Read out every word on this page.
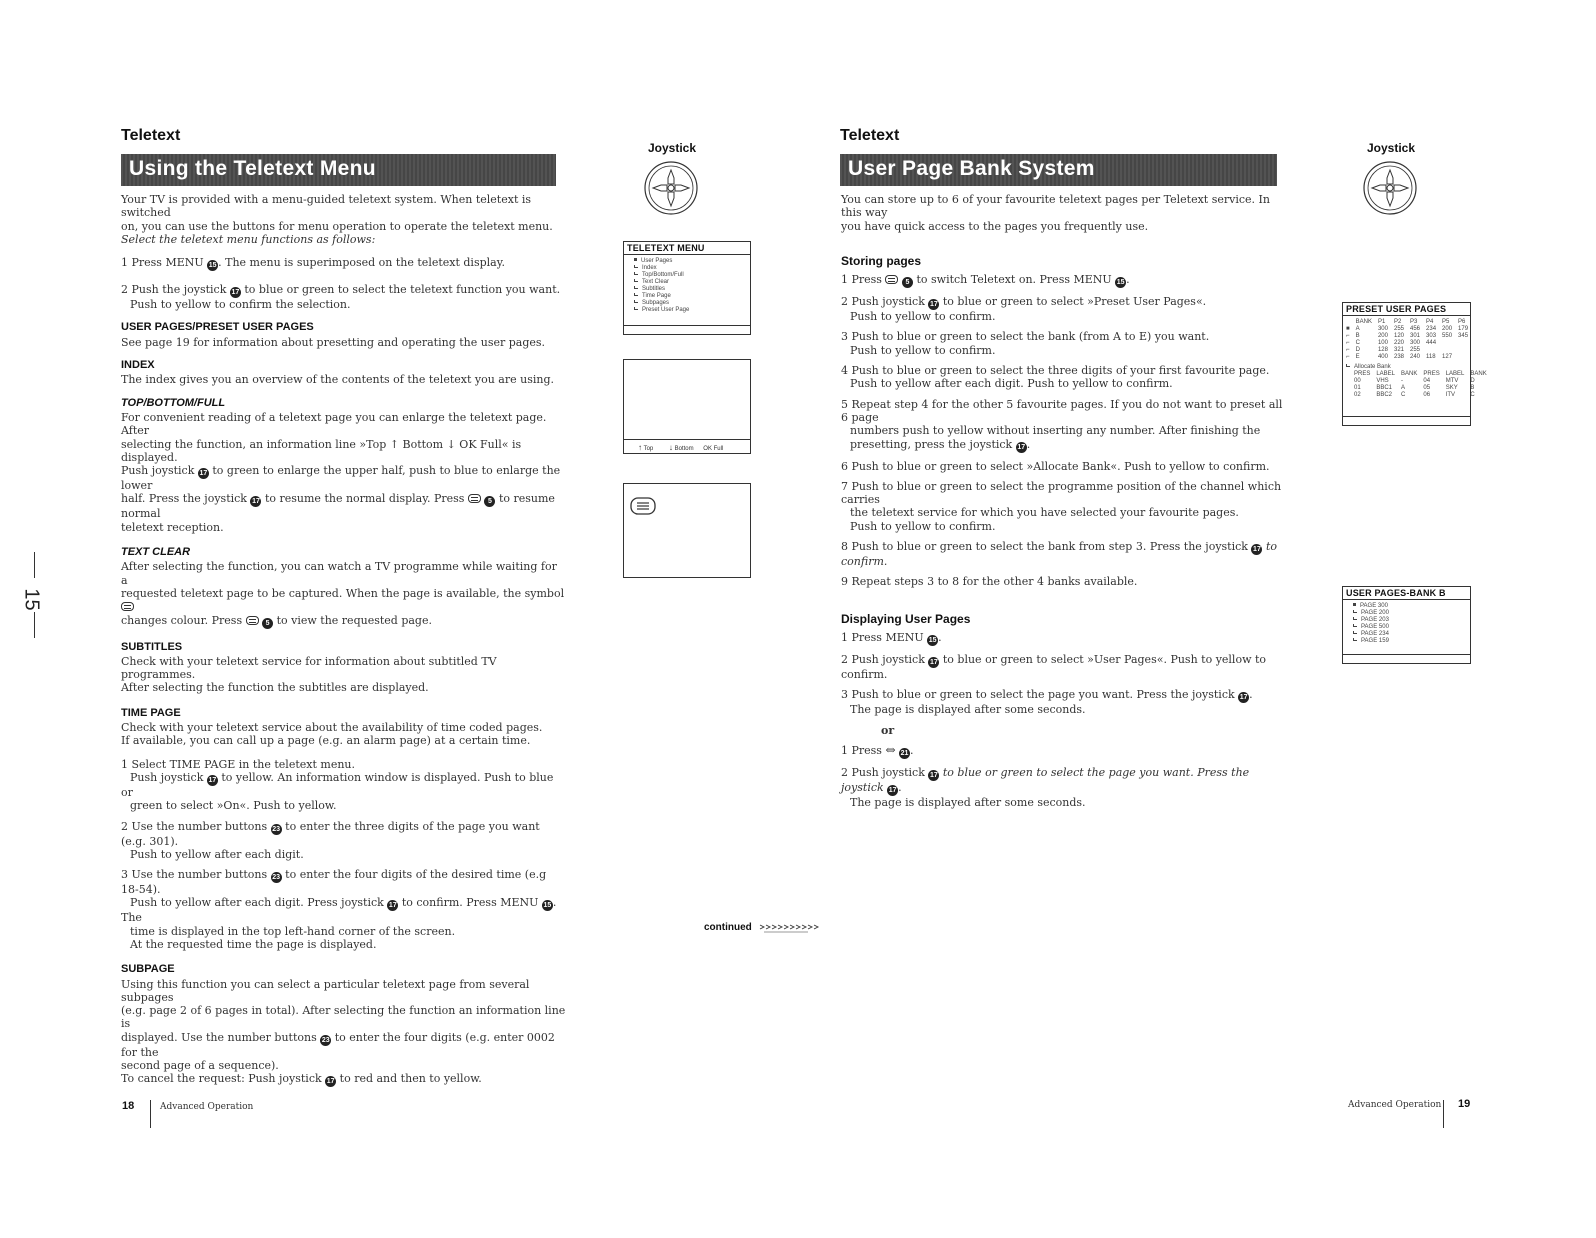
Teletext
Using the Teletext Menu

Your TV is provided with a menu-guided teletext system. When teletext is switched
on, you can use the buttons for menu operation to operate the teletext menu.
Select the teletext menu functions as follows:

1 Press MENU 15 . The menu is superimposed on the teletext display.

2 Push the joystick 17 to blue or green to select the teletext function you want.
Push to yellow to confirm the selection.

USER PAGES/PRESET USER PAGES
See page 19 for information about presetting and operating the user pages.
INDEX
The index gives you an overview of the contents of the teletext you are using.
TOP/BOTTOM/FULL
For convenient reading of a teletext page you can enlarge the teletext page. After
selecting the function, an information line »Top ↑ Bottom ↓ OK Full« is displayed.
Push joystick 17 to green to enlarge the upper half, push to blue to enlarge the lower
half. Press the joystick 17 to resume the normal display. Press	5 to resume normal
teletext reception.
TEXT CLEAR
After selecting the function, you can watch a TV programme while waiting for a
requested teletext page to be captured. When the page is available, the symbol
changes colour. Press	5 to view the requested page.
SUBTITLES
Check with your teletext service for information about subtitled TV programmes.
After selecting the function the subtitles are displayed.
TIME PAGE
Check with your teletext service about the availability of time coded pages.
If available, you can call up a page (e.g. an alarm page) at a certain time.

1 Select TIME PAGE in the teletext menu.
Push joystick 17 to yellow. An information window is displayed. Push to blue or
green to select »On«. Push to yellow.

2 Use the number buttons 23 to enter the three digits of the page you want (e.g. 301).
Push to yellow after each digit.

3 Use the number buttons 23 to enter the four digits of the desired time (e.g 18-54).
Push to yellow after each digit. Press joystick 17 to confirm. Press MENU 15 . The
time is displayed in the top left-hand corner of the screen.
At the requested time the page is displayed.

SUBPAGE
Using this function you can select a particular teletext page from several subpages
(e.g. page 2 of 6 pages in total). After selecting the function an information line is
displayed. Use the number buttons 23 to enter the four digits (e.g. enter 0002 for the
second page of a sequence).
To cancel the request: Push joystick 17 to red and then to yellow.
Joystick
TELETEXT MENU
User Pages
Index
Top/Bottom/Full
Text Clear
Subtitles
Time Page
Subpages
Preset User Page
↑ Top ↓ Bottom OK Full
15
continued
Teletext
User Page Bank System
Joystick

You can store up to 6 of your favourite teletext pages per Teletext service. In this way
you have quick access to the pages you frequently use.

Storing pages

1 Press	5 to switch Teletext on. Press MENU 15 .

2 Push joystick 17 to blue or green to select »Preset User Pages«.
Push to yellow to confirm.

3 Push to blue or green to select the bank (from A to E) you want.
Push to yellow to confirm.

4 Push to blue or green to select the three digits of your first favourite page.
Push to yellow after each digit. Push to yellow to confirm.

5 Repeat step 4 for the other 5 favourite pages. If you do not want to preset all 6 page
numbers push to yellow without inserting any number. After finishing the
presetting, press the joystick 17 .

6 Push to blue or green to select »Allocate Bank«. Push to yellow to confirm.

7 Push to blue or green to select the programme position of the channel which carries
the teletext service for which you have selected your favourite pages.
Push to yellow to confirm.

8 Push to blue or green to select the bank from step 3. Press the joystick 17 to confirm.

9 Repeat steps 3 to 8 for the other 4 banks available.

Displaying User Pages

1 Press MENU 15 .

2 Push joystick 17 to blue or green to select »User Pages«. Push to yellow to confirm.

3 Push to blue or green to select the page you want. Press the joystick 17 .
The page is displayed after some seconds.

or

1 Press ⇔ 21 .

2 Push joystick 17 to blue or green to select the page you want. Press the joystick 17 .
The page is displayed after some seconds.

PRESET USER PAGES
	BANK	P1	P2	P3	P4	P5	P6
■	A	300	255	456	234	200	179
⌐	B	200	120	301	303	550	345
⌐	C	100	220	300	444		
⌐	D	128	321	255			
⌐	E	400	238	240	118	127	
Allocate Bank
PRES	LABEL	BANK	PRES	LABEL	BANK
00	VHS	-	04	MTV	D
01	BBC1	A	05	SKY	B
02	BBC2	C	06	ITV	C
USER PAGES-BANK B
PAGE 300
PAGE 200
PAGE 203
PAGE 500
PAGE 234
PAGE 159
18	Advanced Operation	Advanced Operation 19
